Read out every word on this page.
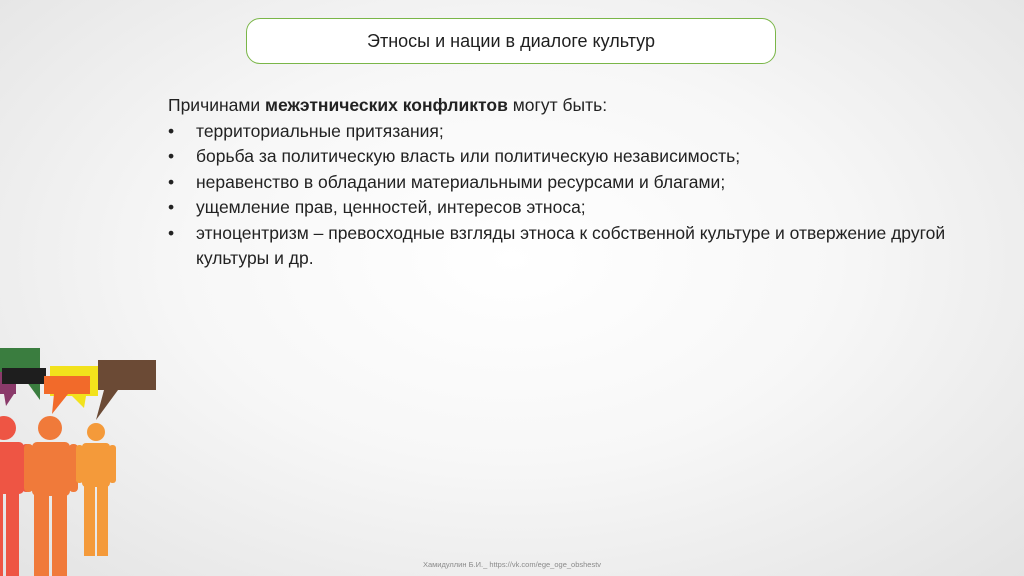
Этносы и нации в диалоге культур
Причинами межэтнических конфликтов могут быть:
• территориальные притязания;
• борьба за политическую власть или политическую независимость;
• неравенство в обладании материальными ресурсами и благами;
• ущемление прав, ценностей, интересов этноса;
• этноцентризм – превосходные взгляды этноса к собственной культуре и отвержение другой культуры и др.
Хамидуллин Б.И._ https://vk.com/ege_oge_obshestv
